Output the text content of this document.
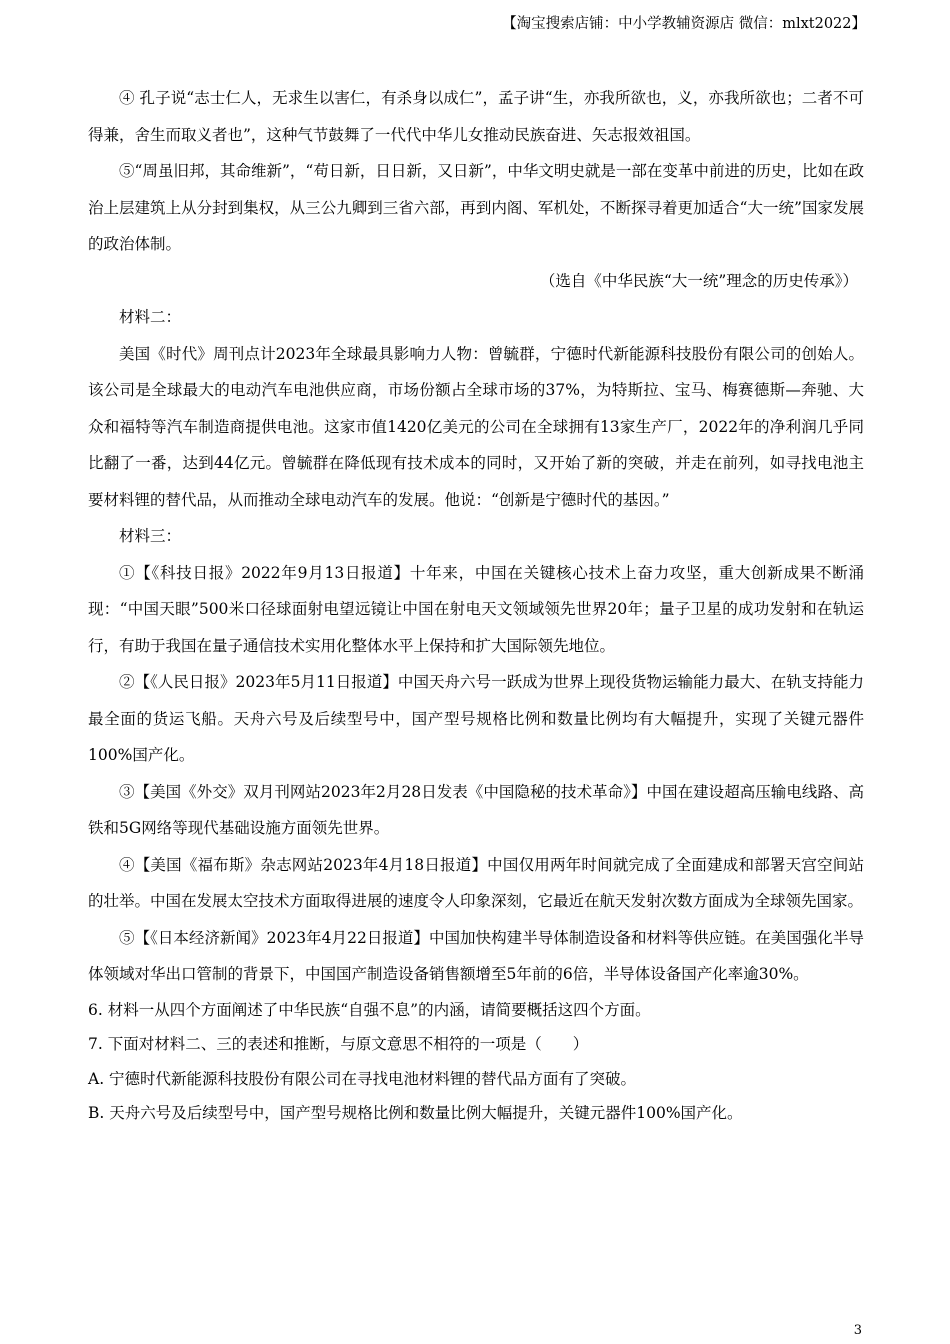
【淘宝搜索店铺：中小学教辅资源店 微信：mlxt2022】

④ 孔子说“志士仁人，无求生以害仁，有杀身以成仁”，孟子讲“生，亦我所欲也，义，亦我所欲也；二者不可得兼，舍生而取义者也”，这种气节鼓舞了一代代中华儿女推动民族奋进、矢志报效祖国。

⑤“周虽旧邦，其命维新”，“苟日新，日日新，又日新”，中华文明史就是一部在变革中前进的历史，比如在政治上层建筑上从分封到集权，从三公九卿到三省六部，再到内阁、军机处，不断探寻着更加适合“大一统”国家发展的政治体制。

（选自《中华民族“大一统”理念的历史传承》）

材料二：

美国《时代》周刊点计2023年全球最具影响力人物：曾毓群，宁德时代新能源科技股份有限公司的创始人。该公司是全球最大的电动汽车电池供应商，市场份额占全球市场的37%，为特斯拉、宝马、梅赛德斯—奔驰、大众和福特等汽车制造商提供电池。这家市值1420亿美元的公司在全球拥有13家生产厂，2022年的净利润几乎同比翻了一番，达到44亿元。曾毓群在降低现有技术成本的同时，又开始了新的突破，并走在前列，如寻找电池主要材料锂的替代品，从而推动全球电动汽车的发展。他说：“创新是宁德时代的基因。”

材料三：

①【《科技日报》2022年9月13日报道】十年来，中国在关键核心技术上奋力攻坚，重大创新成果不断涌现：“中国天眼”500米口径球面射电望远镜让中国在射电天文领域领先世界20年；量子卫星的成功发射和在轨运行，有助于我国在量子通信技术实用化整体水平上保持和扩大国际领先地位。

②【《人民日报》2023年5月11日报道】中国天舟六号一跃成为世界上现役货物运输能力最大、在轨支持能力最全面的货运飞船。天舟六号及后续型号中，国产型号规格比例和数量比例均有大幅提升，实现了关键元器件100%国产化。

③【美国《外交》双月刊网站2023年2月28日发表《中国隐秘的技术革命》】中国在建设超高压输电线路、高铁和5G网络等现代基础设施方面领先世界。

④【美国《福布斯》杂志网站2023年4月18日报道】中国仅用两年时间就完成了全面建成和部署天宫空间站的壮举。中国在发展太空技术方面取得进展的速度令人印象深刻，它最近在航天发射次数方面成为全球领先国家。

⑤【《日本经济新闻》2023年4月22日报道】中国加快构建半导体制造设备和材料等供应链。在美国强化半导体领域对华出口管制的背景下，中国国产制造设备销售额增至5年前的6倍，半导体设备国产化率逾30%。

6. 材料一从四个方面阐述了中华民族“自强不息”的内涵，请简要概括这四个方面。

7. 下面对材料二、三的表述和推断，与原文意思不相符的一项是（　　）

A. 宁德时代新能源科技股份有限公司在寻找电池材料锂的替代品方面有了突破。

B. 天舟六号及后续型号中，国产型号规格比例和数量比例大幅提升，关键元器件100%国产化。

3
